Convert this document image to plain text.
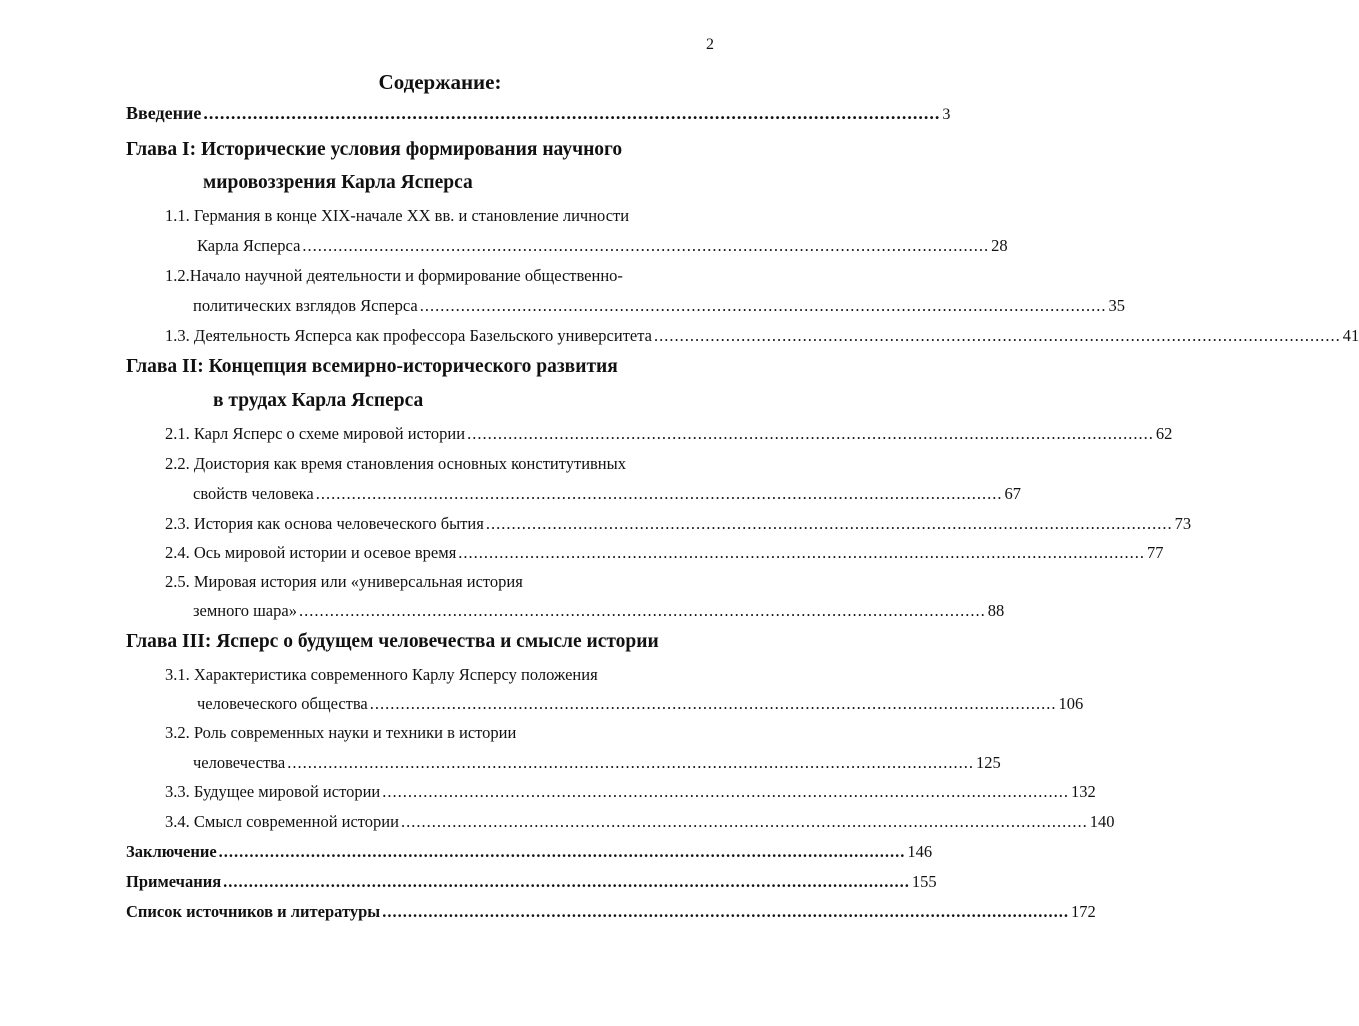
2
Содержание:
Введение ...................................................................................................................................... 3
Глава I: Исторические условия формирования научного
мировоззрения Карла Ясперса
1.1. Германия в конце XIX-начале XX вв. и становление личности
Карла Ясперса ...................................................................................................................................... 28
1.2.Начало научной деятельности и формирование общественно-
политических взглядов Ясперса ...................................................................................................................................... 35
1.3. Деятельность Ясперса как профессора Базельского университета ...................................................................................................................................... 41
Глава II: Концепция всемирно-исторического развития
в трудах Карла Ясперса
2.1. Карл Ясперс о схеме мировой истории ...................................................................................................................................... 62
2.2. Доистория как время становления основных конститутивных
свойств человека ...................................................................................................................................... 67
2.3. История как основа человеческого бытия ...................................................................................................................................... 73
2.4. Ось мировой истории и осевое время ...................................................................................................................................... 77
2.5. Мировая история или «универсальная история
земного шара» ...................................................................................................................................... 88
Глава III: Ясперс о будущем человечества и смысле истории
3.1. Характеристика современного Карлу Ясперсу положения
человеческого общества ...................................................................................................................................... 106
3.2. Роль современных науки и техники в истории
человечества ...................................................................................................................................... 125
3.3. Будущее мировой истории ...................................................................................................................................... 132
3.4. Смысл современной истории ...................................................................................................................................... 140
Заключение ...................................................................................................................................... 146
Примечания ...................................................................................................................................... 155
Список источников и литературы ...................................................................................................................................... 172
